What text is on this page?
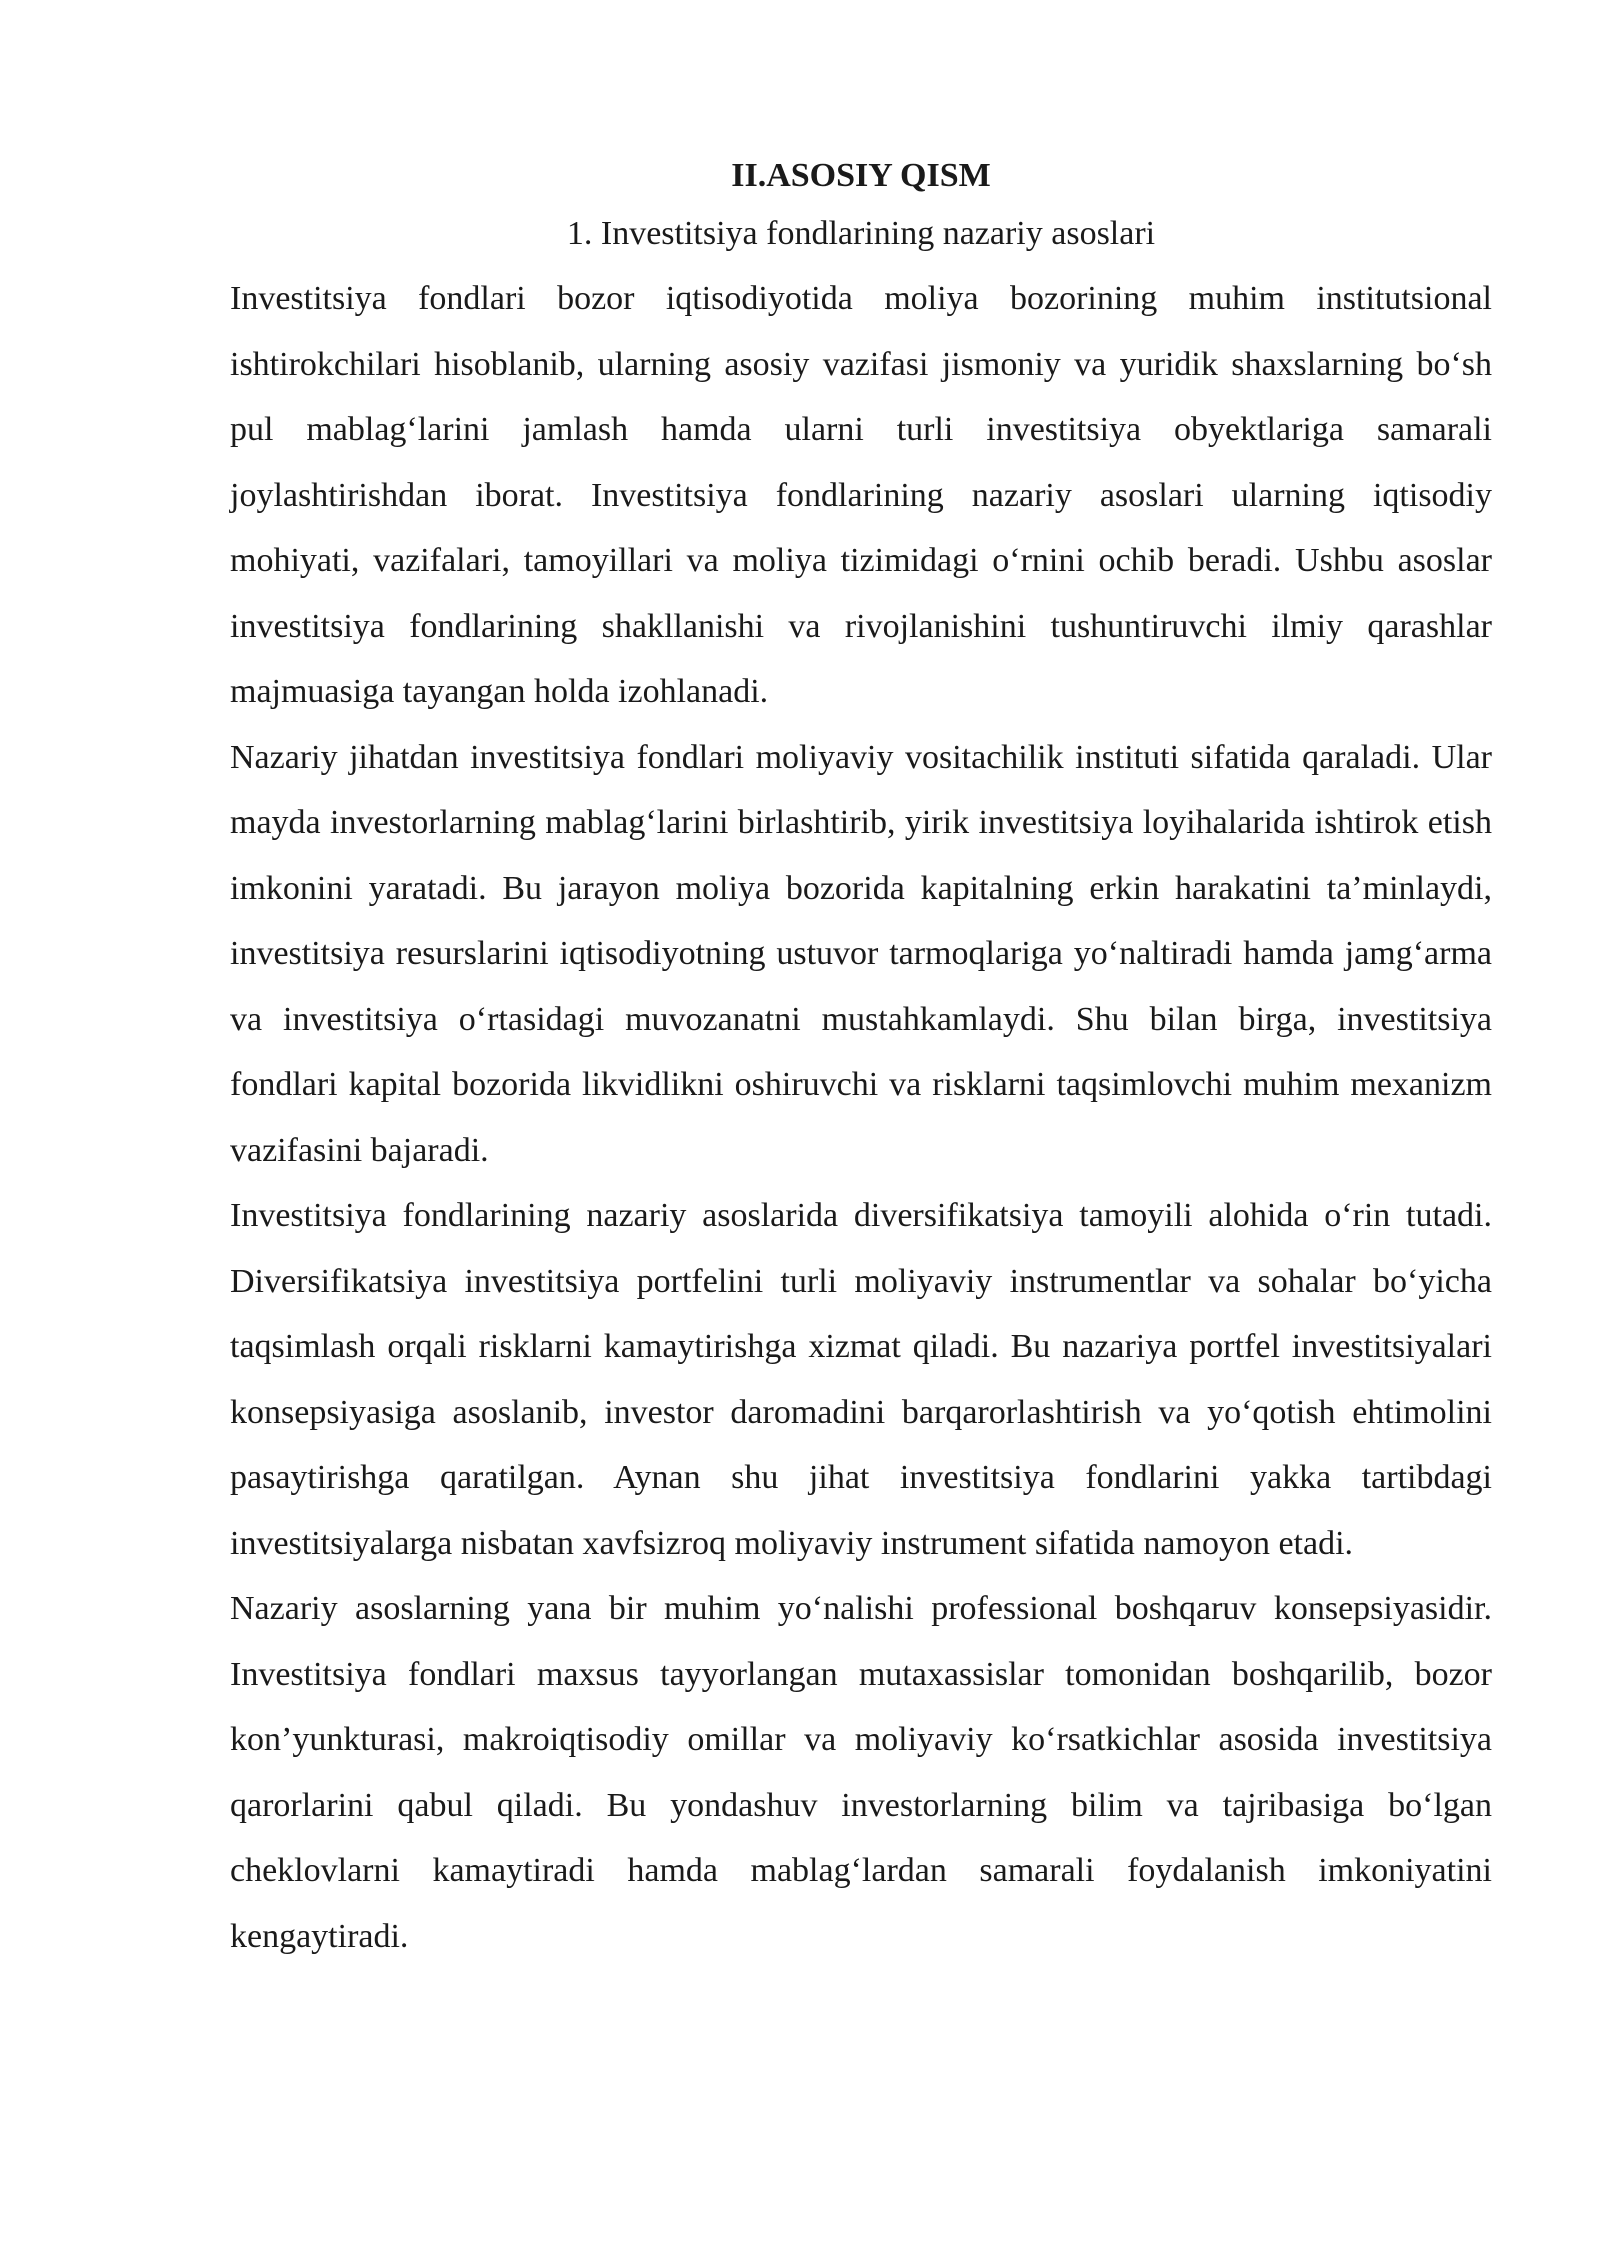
II.ASOSIY QISM
1. Investitsiya fondlarining nazariy asoslari

Investitsiya fondlari bozor iqtisodiyotida moliya bozorining muhim institutsional ishtirokchilari hisoblanib, ularning asosiy vazifasi jismoniy va yuridik shaxslarning bo‘sh pul mablag‘larini jamlash hamda ularni turli investitsiya obyektlariga samarali joylashtirishdan iborat. Investitsiya fondlarining nazariy asoslari ularning iqtisodiy mohiyati, vazifalari, tamoyillari va moliya tizimidagi o‘rnini ochib beradi. Ushbu asoslar investitsiya fondlarining shakllanishi va rivojlanishini tushuntiruvchi ilmiy qarashlar majmuasiga tayangan holda izohlanadi.

Nazariy jihatdan investitsiya fondlari moliyaviy vositachilik instituti sifatida qaraladi. Ular mayda investorlarning mablag‘larini birlashtirib, yirik investitsiya loyihalarida ishtirok etish imkonini yaratadi. Bu jarayon moliya bozorida kapitalning erkin harakatini ta’minlaydi, investitsiya resurslarini iqtisodiyotning ustuvor tarmoqlariga yo‘naltiradi hamda jamg‘arma va investitsiya o‘rtasidagi muvozanatni mustahkamlaydi. Shu bilan birga, investitsiya fondlari kapital bozorida likvidlikni oshiruvchi va risklarni taqsimlovchi muhim mexanizm vazifasini bajaradi.

Investitsiya fondlarining nazariy asoslarida diversifikatsiya tamoyili alohida o‘rin tutadi. Diversifikatsiya investitsiya portfelini turli moliyaviy instrumentlar va sohalar bo‘yicha taqsimlash orqali risklarni kamaytirishga xizmat qiladi. Bu nazariya portfel investitsiyalari konsepsiyasiga asoslanib, investor daromadini barqarorlashtirish va yo‘qotish ehtimolini pasaytirishga qaratilgan. Aynan shu jihat investitsiya fondlarini yakka tartibdagi investitsiyalarga nisbatan xavfsizroq moliyaviy instrument sifatida namoyon etadi.

Nazariy asoslarning yana bir muhim yo‘nalishi professional boshqaruv konsepsiyasidir. Investitsiya fondlari maxsus tayyorlangan mutaxassislar tomonidan boshqarilib, bozor kon’yunkturasi, makroiqtisodiy omillar va moliyaviy ko‘rsatkichlar asosida investitsiya qarorlarini qabul qiladi. Bu yondashuv investorlarning bilim va tajribasiga bo‘lgan cheklovlarni kamaytiradi hamda mablag‘lardan samarali foydalanish imkoniyatini kengaytiradi.
